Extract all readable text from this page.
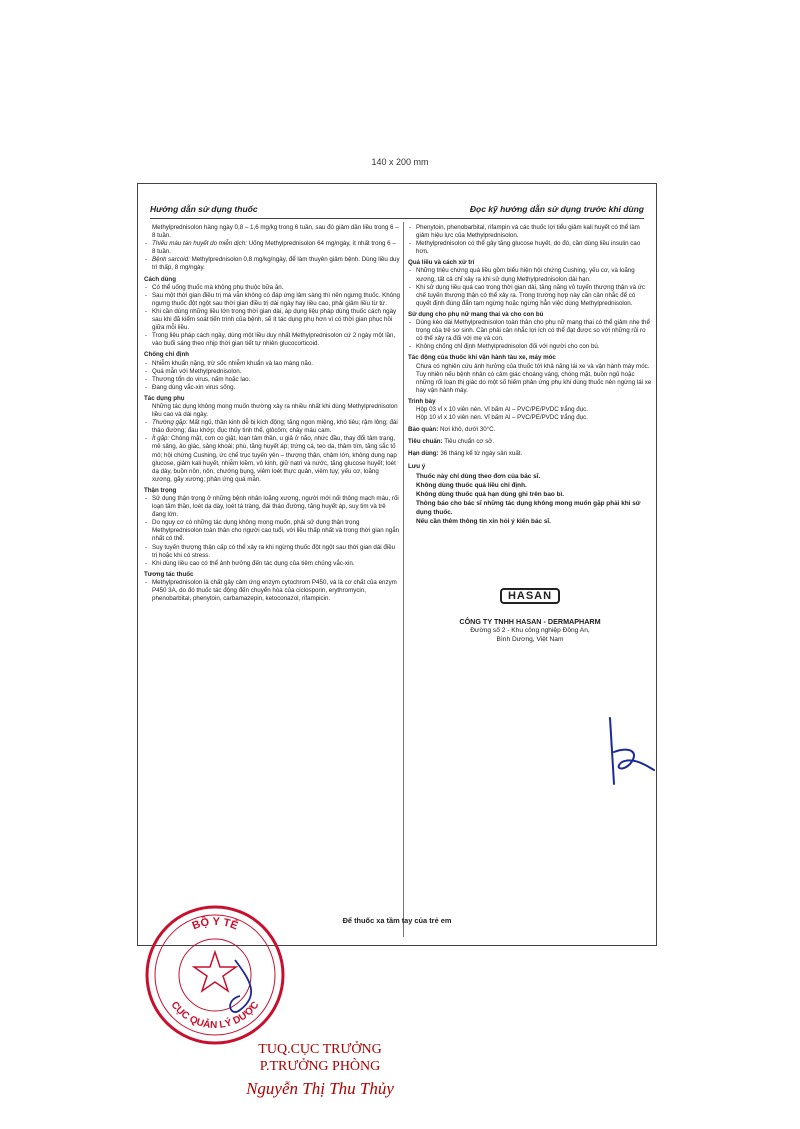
140 x 200 mm
Hướng dẫn sử dụng thuốc	Đọc kỹ hướng dẫn sử dụng trước khi dùng
Methylprednisolon hàng ngày 0,8 – 1,6 mg/kg trong 6 tuần, sau đó giảm dần liều trong 6 – 8 tuần.
- Thiếu máu tán huyết do miễn dịch: Uống Methylprednisolon 64 mg/ngày, ít nhất trong 6 – 8 tuần.
- Bệnh sarcoid: Methylprednisolon 0,8 mg/kg/ngày, để làm thuyên giảm bệnh. Dùng liều duy trì thấp, 8 mg/ngày.
Cách dùng
- Có thể uống thuốc mà không phụ thuộc bữa ăn.
- Sau một thời gian điều trị mà vẫn không có đáp ứng lâm sàng thì nên ngưng thuốc. Không ngưng thuốc đột ngột sau thời gian điều trị dài ngày hay liều cao, phải giảm liều từ từ.
- Khi cần dùng những liều lớn trong thời gian dài, áp dụng liệu pháp dùng thuốc cách ngày sau khi đã kiểm soát tiến trình của bệnh, sẽ ít tác dụng phụ hơn vì có thời gian phục hồi giữa mỗi liều.
- Trong liệu pháp cách ngày, dùng một liều duy nhất Methylprednisolon cứ 2 ngày một lần, vào buổi sáng theo nhịp thời gian tiết tự nhiên glucocorticoid.
Chống chỉ định
- Nhiễm khuẩn nặng, trừ sốc nhiễm khuẩn và lao màng não.
- Quá mẫn với Methylprednisolon.
- Thương tổn do virus, nấm hoặc lao.
- Đang dùng vắc-xin virus sống.
Tác dụng phụ
Những tác dụng không mong muốn thường xảy ra nhiều nhất khi dùng Methylprednisolon liều cao và dài ngày.
- Thường gặp: Mất ngủ, thần kinh dễ bị kích động; tăng ngon miệng, khó tiêu; rậm lông; đái tháo đường; đau khớp; đục thủy tinh thể, glôcôm; chảy máu cam.
- Ít gặp: Chóng mặt, cơn co giật, loạn tâm thần, u giả ở não, nhức đầu, thay đổi tâm trạng, mê sảng, ảo giác, sảng khoái; phù, tăng huyết áp; trứng cá, teo da, thâm tím, tăng sắc tố mô; hội chứng Cushing, ức chế trục tuyến yên – thượng thận, chậm lớn, không dung nạp glucose, giảm kali huyết, nhiễm kiềm, vô kinh, giữ natri và nước, tăng glucose huyết; loét dạ dày, buồn nôn, nôn, chướng bụng, viêm loét thực quản, viêm tụy; yếu cơ, loãng xương, gãy xương; phản ứng quá mẫn.
Thận trọng
- Sử dụng thận trọng ở những bệnh nhân loãng xương, người mới nối thông mạch máu, rối loạn tâm thần, loét dạ dày, loét tá tràng, đái tháo đường, tăng huyết áp, suy tim và trẻ đang lớn.
- Do nguy cơ có những tác dụng không mong muốn, phải sử dụng thận trọng Methylprednisolon toàn thân cho người cao tuổi, với liều thấp nhất và trong thời gian ngắn nhất có thể.
- Suy tuyến thượng thận cấp có thể xảy ra khi ngừng thuốc đột ngột sau thời gian dài điều trị hoặc khi có stress.
- Khi dùng liều cao có thể ảnh hưởng đến tác dụng của tiêm chủng vắc-xin.
Tương tác thuốc
- Methylprednisolon là chất gây cảm ứng enzym cytochrom P450, và là cơ chất của enzym P450 3A, do đó thuốc tác động đến chuyển hóa của ciclosporin, erythromycin, phenobarbital, phenytoin, carbamazepin, ketoconazol, rifampicin.
- Phenytoin, phenobarbital, rifampin và các thuốc lợi tiểu giảm kali huyết có thể làm giảm hiệu lực của Methylprednisolon.
- Methylprednisolon có thể gây tăng glucose huyết, do đó, cần dùng liều insulin cao hơn.
Quá liều và cách xử trí
- Những triệu chứng quá liều gồm biểu hiện hội chứng Cushing, yếu cơ, và loãng xương, tất cả chỉ xảy ra khi sử dụng Methylprednisolon dài hạn.
- Khi sử dụng liều quá cao trong thời gian dài, tăng năng vỏ tuyến thượng thận và ức chế tuyến thượng thận có thể xảy ra. Trong trường hợp này cần cân nhắc để có quyết định đúng đắn tạm ngừng hoặc ngừng hẳn việc dùng Methylprednisolon.
Sử dụng cho phụ nữ mang thai và cho con bú
- Dùng kéo dài Methylprednisolon toàn thân cho phụ nữ mang thai có thể giảm nhẹ thể trọng của trẻ sơ sinh. Cần phải cân nhắc lợi ích có thể đạt được so với những rủi ro có thể xảy ra đối với mẹ và con.
- Không chống chỉ định Methylprednisolon đối với người cho con bú.
Tác động của thuốc khi vận hành tàu xe, máy móc
Chưa có nghiên cứu ảnh hưởng của thuốc tới khả năng lái xe và vận hành máy móc. Tuy nhiên nếu bệnh nhân có cảm giác choáng váng, chóng mặt, buồn ngủ hoặc những rối loạn thị giác do một số hiếm phản ứng phụ khi dùng thuốc nên ngừng lái xe hay vận hành máy.
Trình bày
Hộp 03 vỉ x 10 viên nén. Vỉ bấm Al – PVC/PE/PVDC trắng đục.
Hộp 10 vỉ x 10 viên nén. Vỉ bấm Al – PVC/PE/PVDC trắng đục.
Bảo quản: Nơi khô, dưới 30°C.
Tiêu chuẩn: Tiêu chuẩn cơ sở.
Hạn dùng: 36 tháng kể từ ngày sản xuất.
Lưu ý
Thuốc này chỉ dùng theo đơn của bác sĩ.
Không dùng thuốc quá liều chỉ định.
Không dùng thuốc quá hạn dùng ghi trên bao bì.
Thông báo cho bác sĩ những tác dụng không mong muốn gặp phải khi sử dụng thuốc.
Nếu cần thêm thông tin xin hỏi ý kiến bác sĩ.
HASAN
CÔNG TY TNHH HASAN - DERMAPHARM
Đường số 2 - Khu công nghiệp Đồng An,
Bình Dương, Việt Nam
Để thuốc xa tầm tay của trẻ em
BỘ Y TẾ
CỤC QUẢN LÝ DƯỢC
TUQ.CỤC TRƯỞNG
P.TRƯỞNG PHÒNG
Nguyễn Thị Thu Thủy
